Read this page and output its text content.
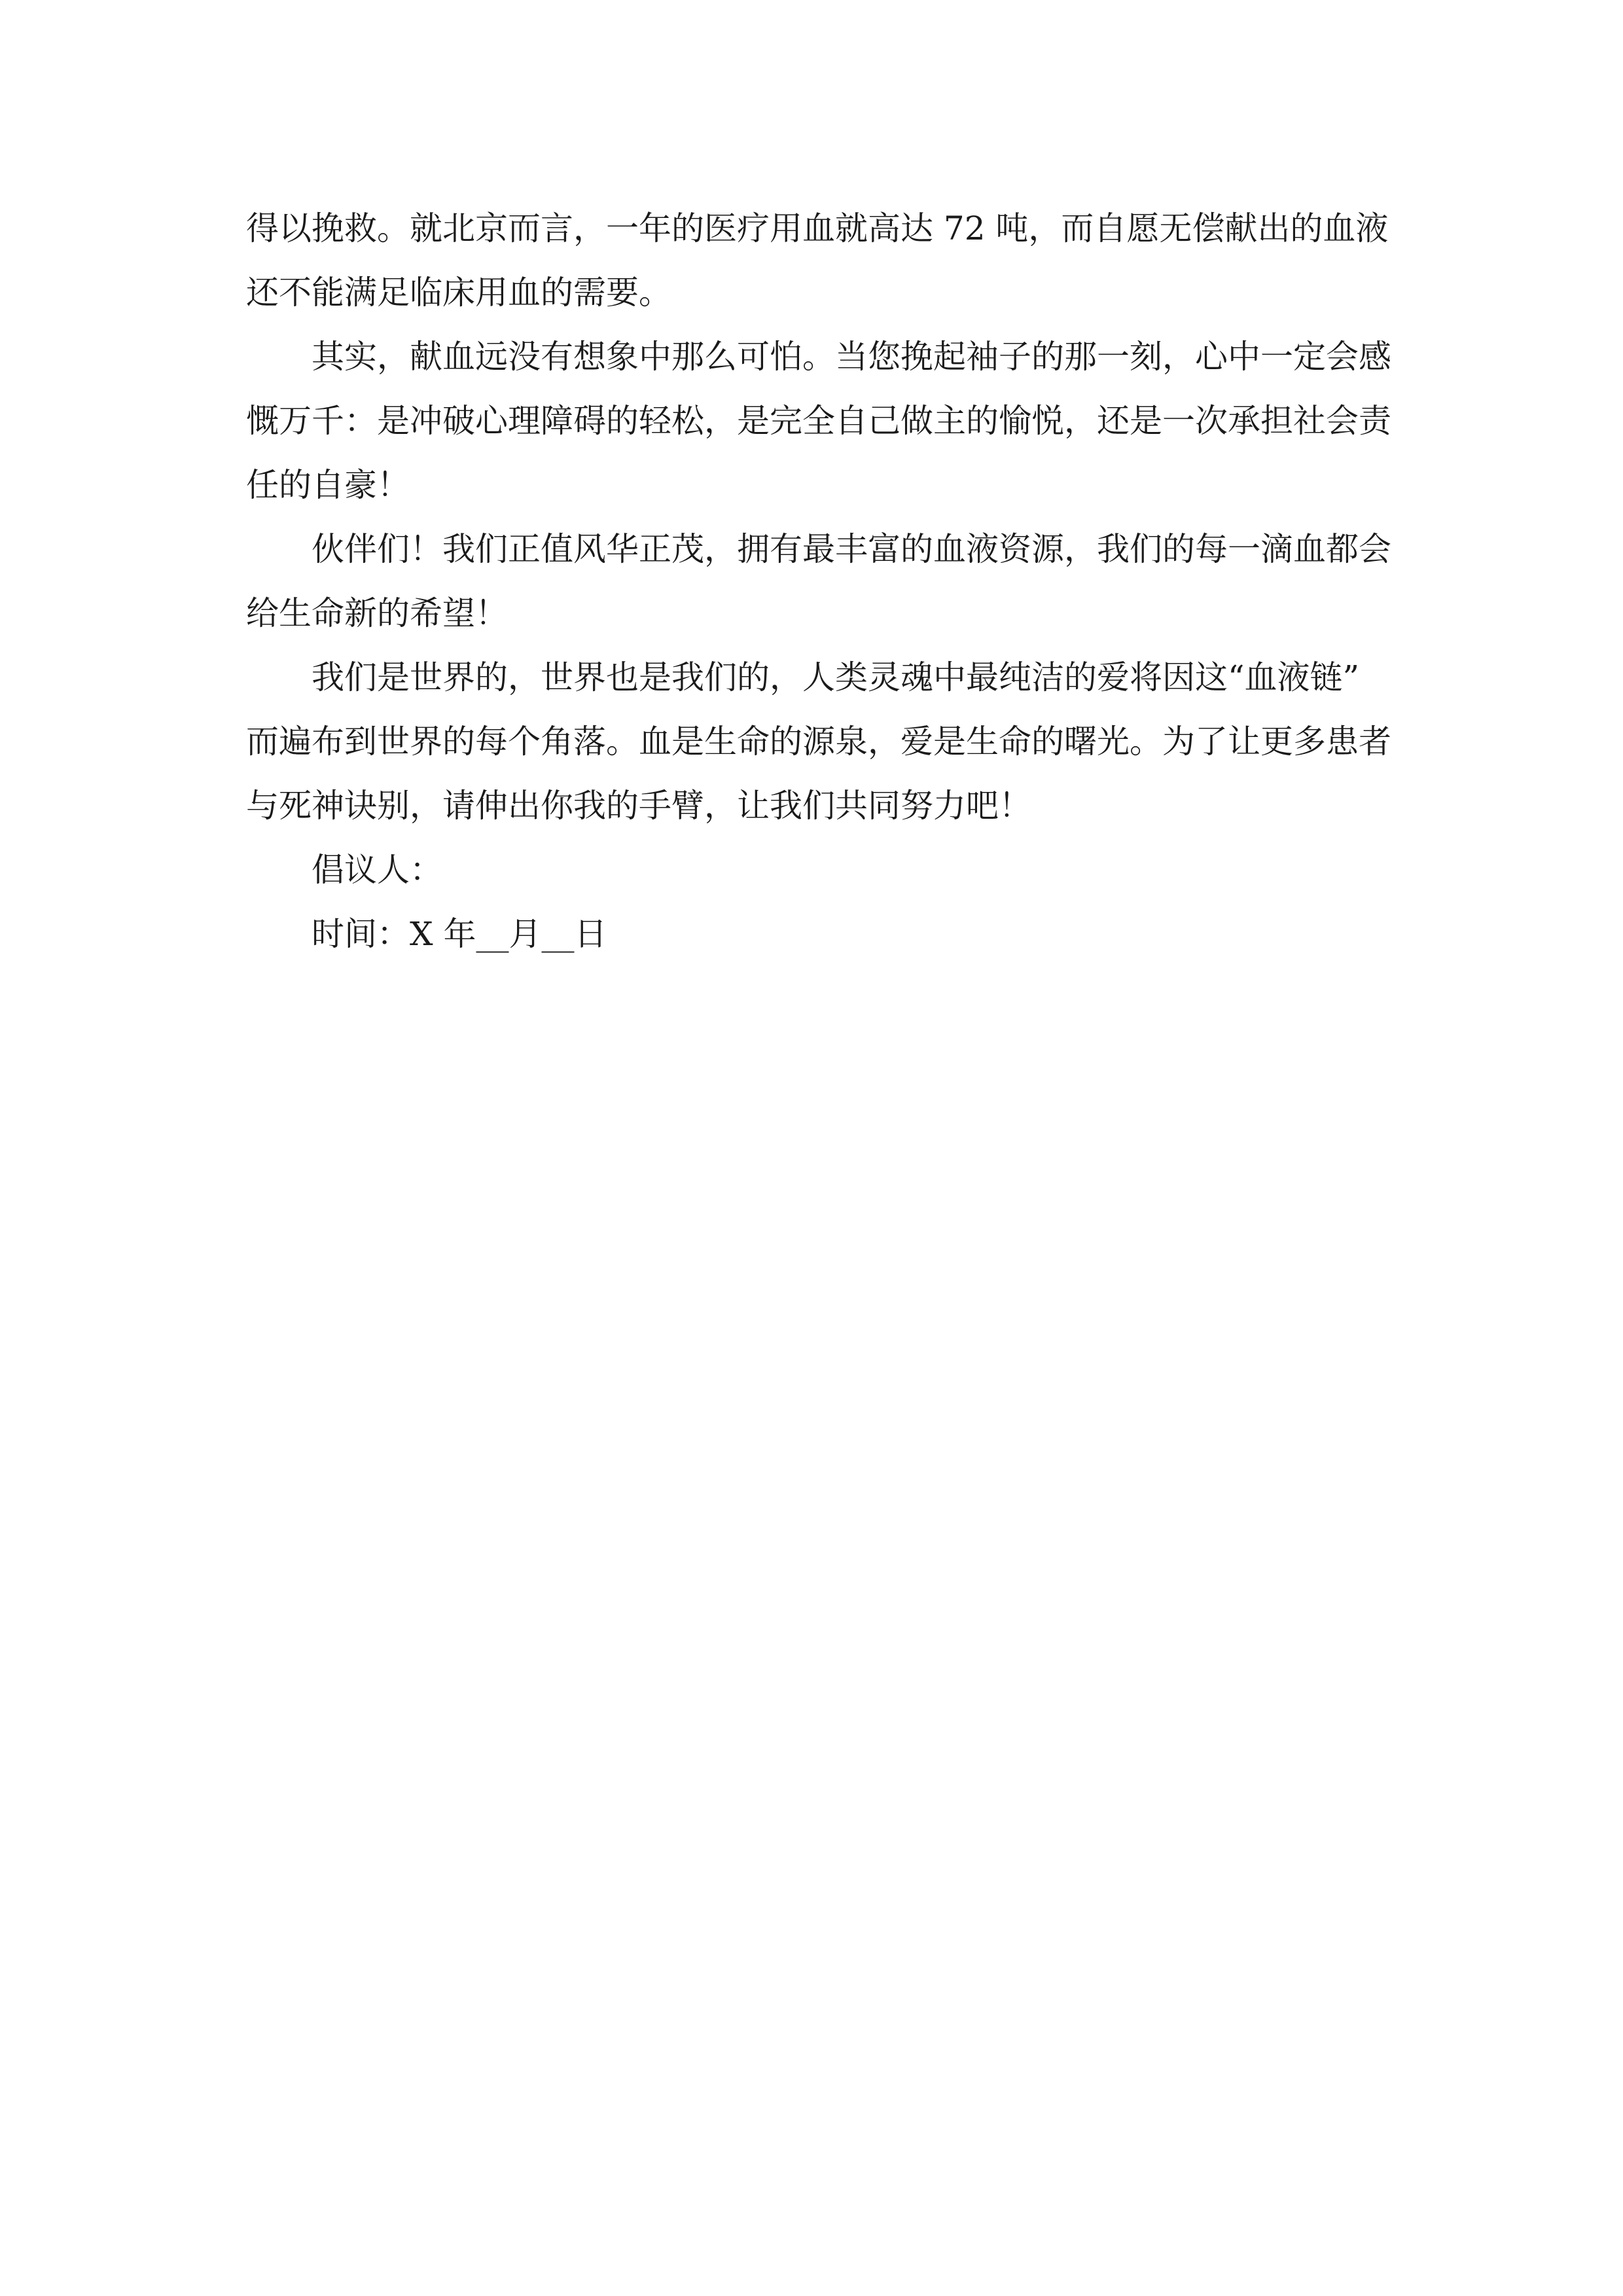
得以挽救。就北京而言，一年的医疗用血就高达 72 吨，而自愿无偿献出的血液

还不能满足临床用血的需要。

其实，献血远没有想象中那么可怕。当您挽起袖子的那一刻，心中一定会感

慨万千：是冲破心理障碍的轻松，是完全自己做主的愉悦，还是一次承担社会责

任的自豪！

伙伴们！我们正值风华正茂，拥有最丰富的血液资源，我们的每一滴血都会

给生命新的希望！

我们是世界的，世界也是我们的，人类灵魂中最纯洁的爱将因这“血液链”

而遍布到世界的每个角落。血是生命的源泉，爱是生命的曙光。为了让更多患者

与死神诀别，请伸出你我的手臂，让我们共同努力吧！

倡议人：

时间：X 年__月__日
